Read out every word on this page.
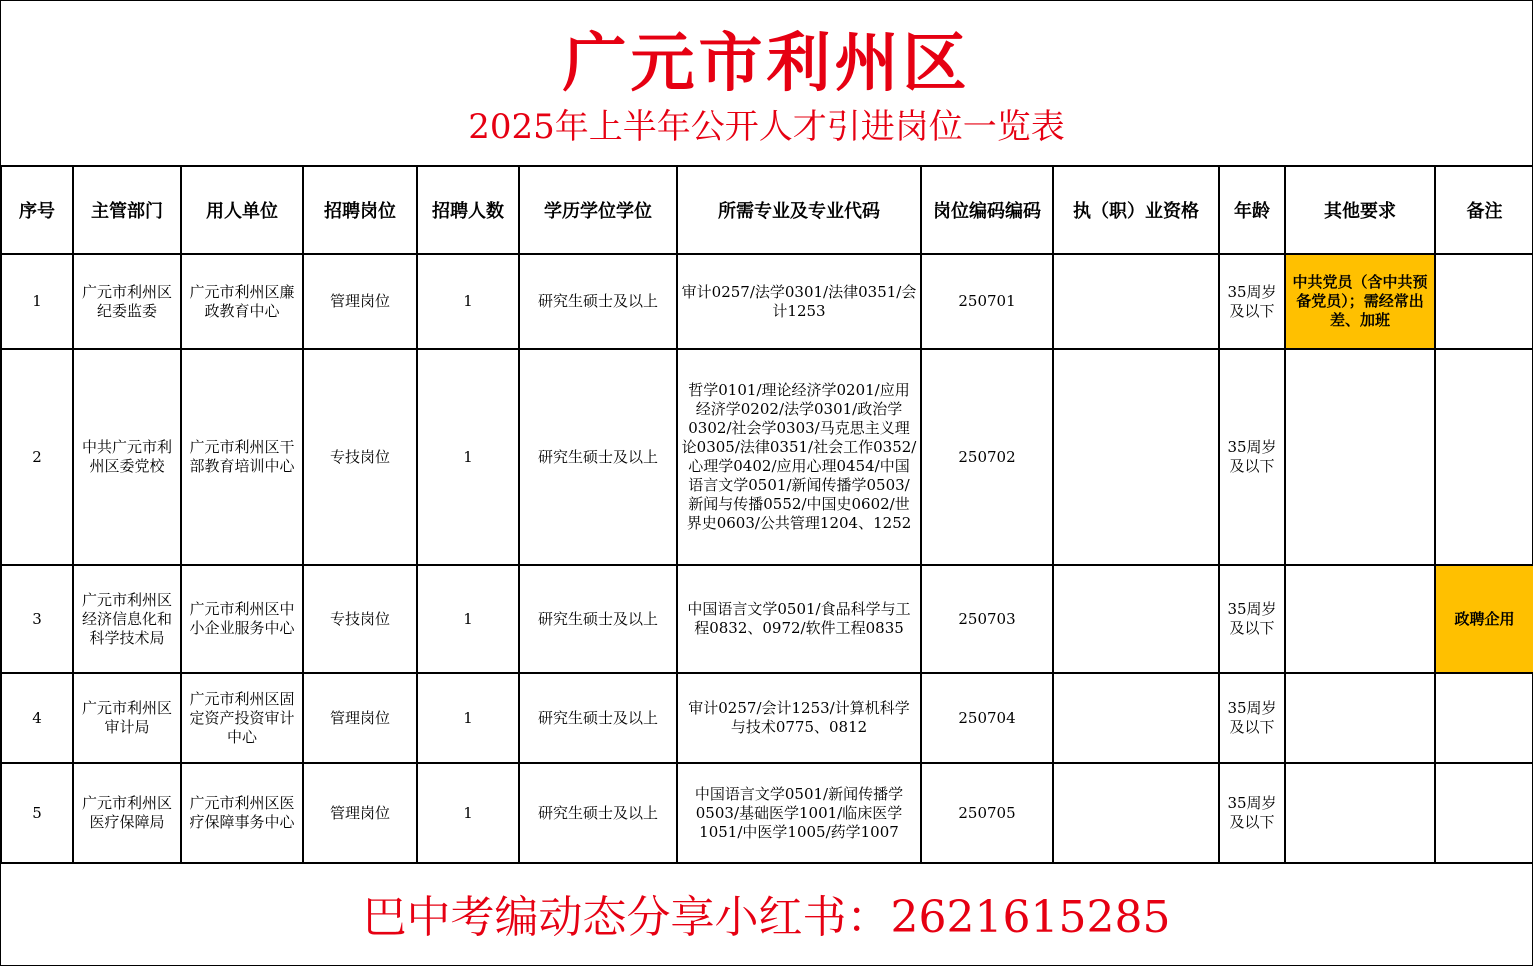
广元市利州区
2025年上半年公开人才引进岗位一览表
序号	主管部门	用人单位	招聘岗位	招聘人数	学历学位学位	所需专业及专业代码	岗位编码编码	执（职）业资格	年龄	其他要求	备注
1	广元市利州区纪委监委	广元市利州区廉政教育中心	管理岗位	1	研究生硕士及以上	审计0257/法学0301/法律0351/会计1253	250701		35周岁及以下	中共党员（含中共预备党员）；需经常出差、加班	
2	中共广元市利州区委党校	广元市利州区干部教育培训中心	专技岗位	1	研究生硕士及以上	哲学0101/理论经济学0201/应用经济学0202/法学0301/政治学0302/社会学0303/马克思主义理论0305/法律0351/社会工作0352/心理学0402/应用心理0454/中国语言文学0501/新闻传播学0503/新闻与传播0552/中国史0602/世界史0603/公共管理1204、1252	250702		35周岁及以下		
3	广元市利州区经济信息化和科学技术局	广元市利州区中小企业服务中心	专技岗位	1	研究生硕士及以上	中国语言文学0501/食品科学与工程0832、0972/软件工程0835	250703		35周岁及以下		政聘企用
4	广元市利州区审计局	广元市利州区固定资产投资审计中心	管理岗位	1	研究生硕士及以上	审计0257/会计1253/计算机科学与技术0775、0812	250704		35周岁及以下		
5	广元市利州区医疗保障局	广元市利州区医疗保障事务中心	管理岗位	1	研究生硕士及以上	中国语言文学0501/新闻传播学0503/基础医学1001/临床医学1051/中医学1005/药学1007	250705		35周岁及以下		
巴中考编动态分享小红书：2621615285
